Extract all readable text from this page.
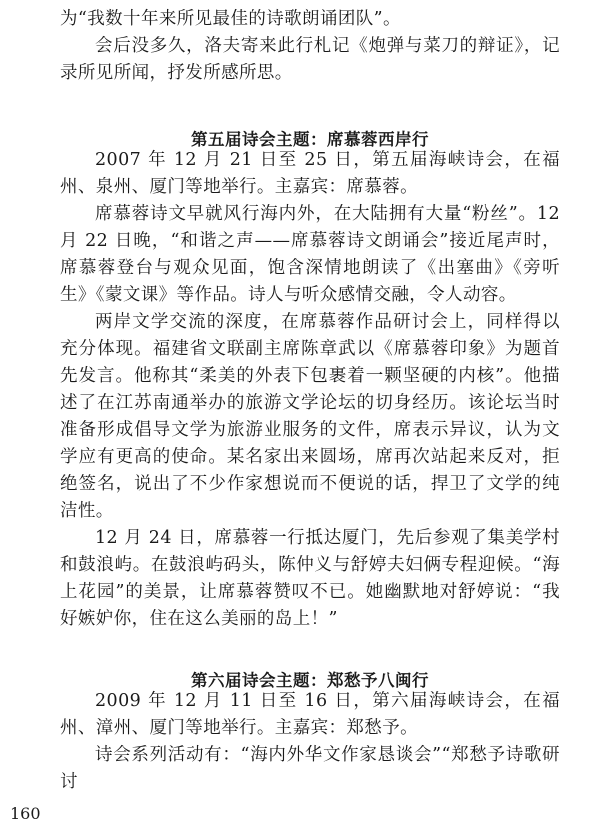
为“我数十年来所见最佳的诗歌朗诵团队”。

会后没多久，洛夫寄来此行札记《炮弹与菜刀的辩证》，记录所见所闻，抒发所感所思。

第五届诗会主题：席慕蓉西岸行

2007 年 12 月 21 日至 25 日，第五届海峡诗会，在福州、泉州、厦门等地举行。主嘉宾：席慕蓉。

席慕蓉诗文早就风行海内外，在大陆拥有大量“粉丝”。12 月 22 日晚，“和谐之声——席慕蓉诗文朗诵会”接近尾声时，席慕蓉登台与观众见面，饱含深情地朗读了《出塞曲》《旁听生》《蒙文课》等作品。诗人与听众感情交融，令人动容。

两岸文学交流的深度，在席慕蓉作品研讨会上，同样得以充分体现。福建省文联副主席陈章武以《席慕蓉印象》为题首先发言。他称其“柔美的外表下包裹着一颗坚硬的内核”。他描述了在江苏南通举办的旅游文学论坛的切身经历。该论坛当时准备形成倡导文学为旅游业服务的文件，席表示异议，认为文学应有更高的使命。某名家出来圆场，席再次站起来反对，拒绝签名，说出了不少作家想说而不便说的话，捍卫了文学的纯洁性。

12 月 24 日，席慕蓉一行抵达厦门，先后参观了集美学村和鼓浪屿。在鼓浪屿码头，陈仲义与舒婷夫妇俩专程迎候。“海上花园”的美景，让席慕蓉赞叹不已。她幽默地对舒婷说：“我好嫉妒你，住在这么美丽的岛上！”

第六届诗会主题：郑愁予八闽行

2009 年 12 月 11 日至 16 日，第六届海峡诗会，在福州、漳州、厦门等地举行。主嘉宾：郑愁予。

诗会系列活动有：“海内外华文作家恳谈会”“郑愁予诗歌研讨

160
